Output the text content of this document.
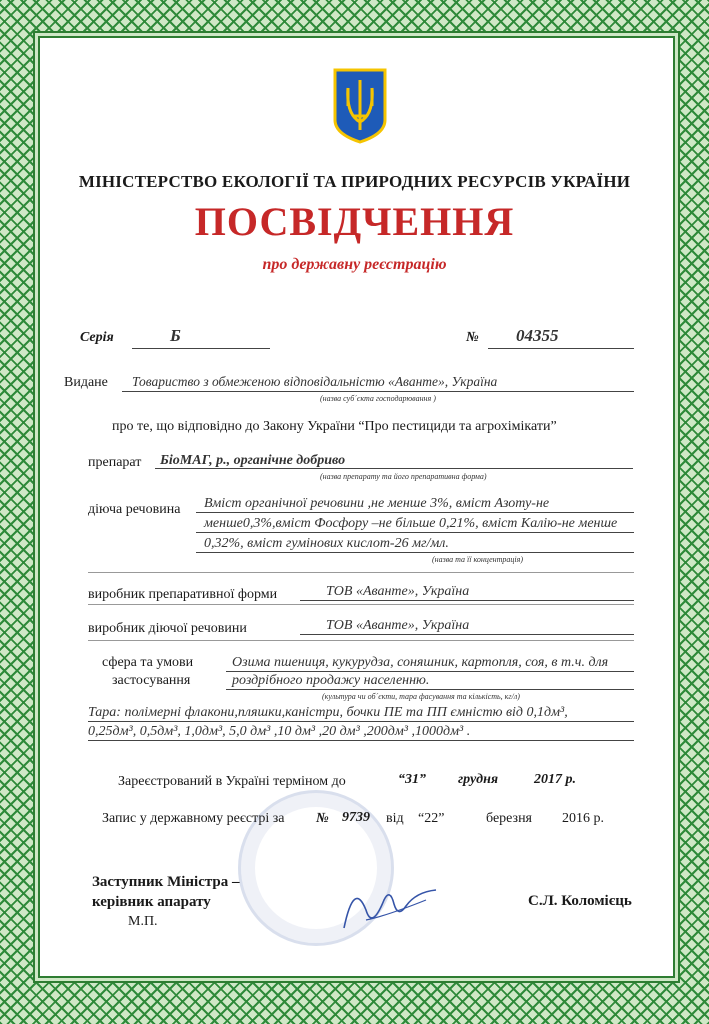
МІНІСТЕРСТВО ЕКОЛОГІЇ ТА ПРИРОДНИХ РЕСУРСІВ УКРАЇНИ
ПОСВІДЧЕННЯ
про державну реєстрацію
Серія	Б	№ 04355
Видане Товариство з обмеженою відповідальністю «Аванте», Україна
(назва суб´єкта господарювання )
про те, що відповідно до Закону України “Про пестициди та агрохімікати”
препарат БіоМАГ, р., органічне добриво
(назва препарату та його препаративна форма)
діюча речовина Вміст органічної речовини ,не менше 3%, вміст Азоту-не
менше0,3%,вміст Фосфору –не більше 0,21%, вміст Калію-не менше
0,32%, вміст гумінових кислот-26 мг/мл.
(назва та її концентрація)
виробник препаративної форми	ТОВ «Аванте», Україна
виробник діючої речовини	ТОВ «Аванте», Україна
сфера та умови
застосування
Озима пшениця, кукурудза, соняшник, картопля, соя, в т.ч. для
роздрібного продажу населенню.
(культура чи об´єкти, тара фасування та кількість, кг/л)
Тара: полімерні флакони,пляшки,каністри, бочки ПЕ та ПП ємністю від 0,1дм³,
0,25дм³, 0,5дм³, 1,0дм³, 5,0 дм³ ,10 дм³ ,20 дм³ ,200дм³ ,1000дм³ .
Зареєстрований в Україні терміном до	“31” грудня	2017 р.
Запис у державному реєстрі за № 9739 від “22”	березня 2016 р.
Заступник Міністра –
керівник апарату
М.П.
С.Л. Коломієць
